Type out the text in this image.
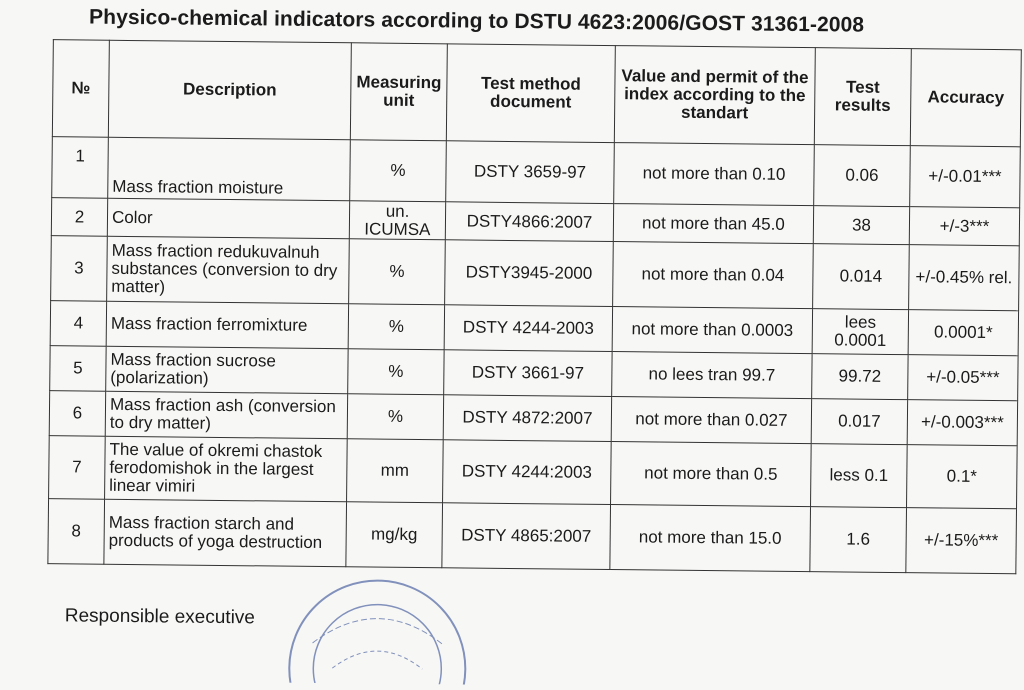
Physico-chemical indicators according to DSTU 4623:2006/GOST 31361-2008
№	Description	Measuring unit	Test method document	Value and permit of the index according to the standart	Test results	Accuracy
1	Mass fraction moisture	%	DSTY 3659-97	not more than 0.10	0.06	+/-0.01***
2	Color	un. ICUMSA	DSTY4866:2007	not more than 45.0	38	+/-3***
3	Mass fraction redukuvalnuh substances (conversion to dry matter)	%	DSTY3945-2000	not more than 0.04	0.014	+/-0.45% rel.
4	Mass fraction ferromixture	%	DSTY 4244-2003	not more than 0.0003	lees 0.0001	0.0001*
5	Mass fraction sucrose (polarization)	%	DSTY 3661-97	no lees tran 99.7	99.72	+/-0.05***
6	Mass fraction ash (conversion to dry matter)	%	DSTY 4872:2007	not more than 0.027	0.017	+/-0.003***
7	The value of okremi chastok ferodomishok in the largest linear vimiri	mm	DSTY 4244:2003	not more than 0.5	less 0.1	0.1*
8	Mass fraction starch and products of yoga destruction	mg/kg	DSTY 4865:2007	not more than 15.0	1.6	+/-15%***
Responsible executive
